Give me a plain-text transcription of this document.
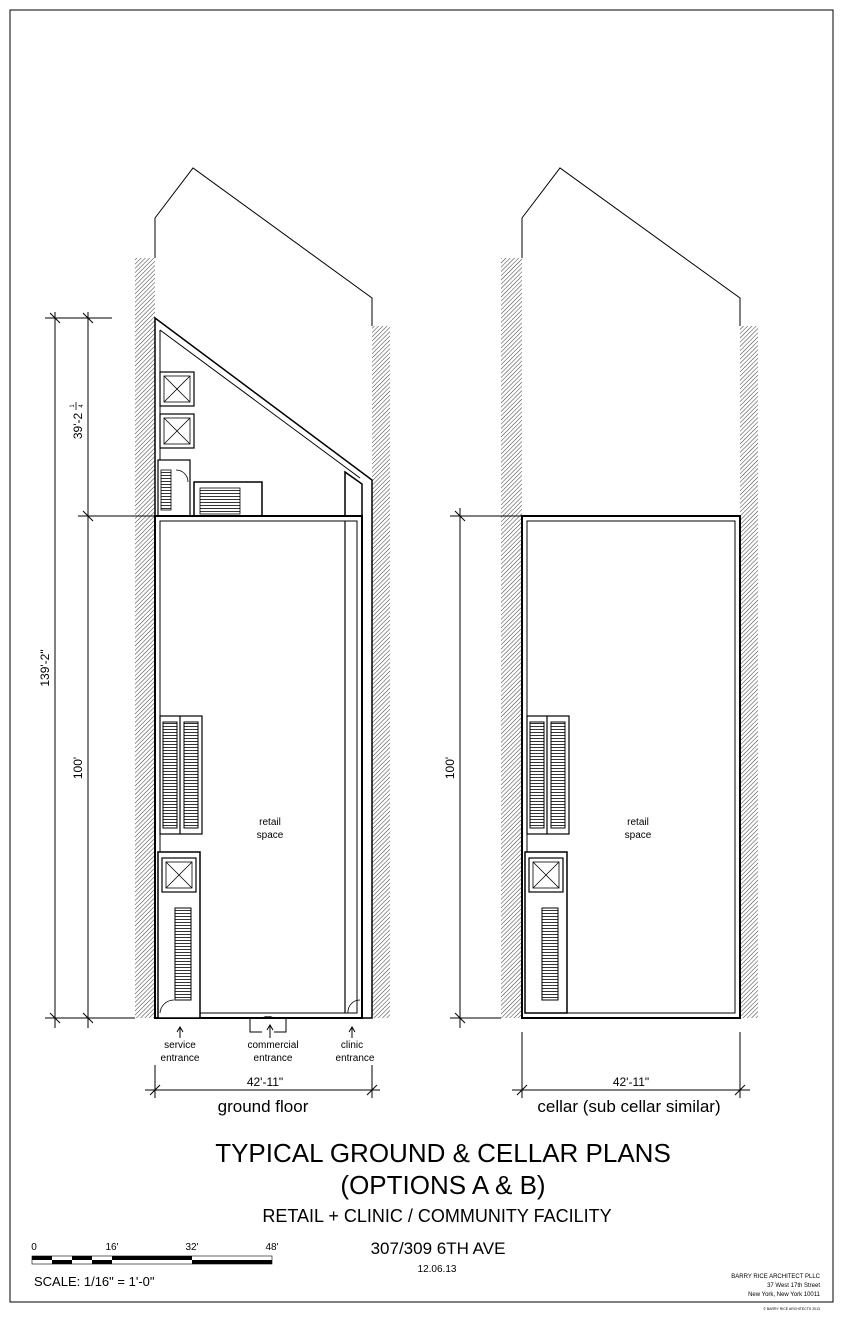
retail
space
service
entrance
commercial
entrance
clinic
entrance
139'-2"
39'-2
1 4
100'
42'-11"
ground floor
retail
space
100'
42'-11"
cellar (sub cellar similar)
TYPICAL GROUND & CELLAR PLANS
(OPTIONS A & B)
RETAIL + CLINIC / COMMUNITY FACILITY
307/309 6TH AVE
12.06.13
0	16'	32'	48'
SCALE: 1/16" = 1'-0"	BARRY RICE ARCHITECT PLLC
37 West 17th Street
New York, New York 10011
© BARRY RICE ARCHITECTS 2013
